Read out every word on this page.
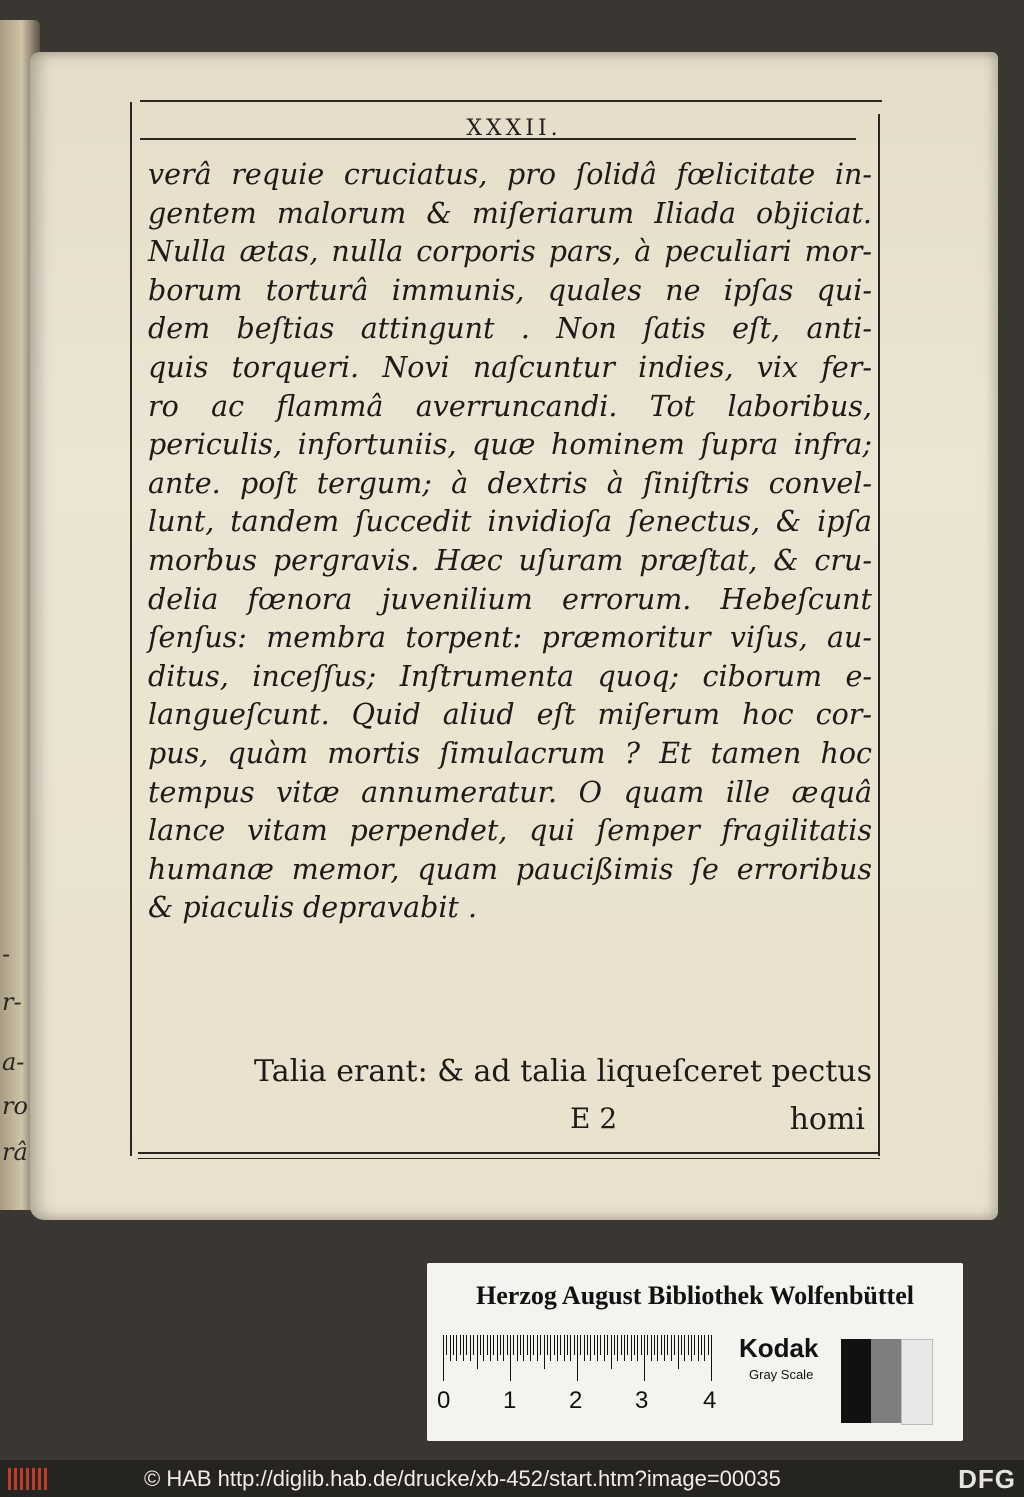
-
r-
a-
ro
râ
XXXII.
verâ requie cruciatus, pro ſolidâ fœlicitate in-
gentem malorum & miſeriarum Iliada objiciat.
Nulla ætas, nulla corporis pars, à peculiari mor-
borum torturâ immunis, quales ne ipſas qui-
dem beſtias attingunt . Non ſatis eſt, anti-
quis torqueri. Novi naſcuntur indies, vix fer-
ro ac flammâ averruncandi. Tot laboribus,
periculis, infortuniis, quæ hominem ſupra infra;
ante. poſt tergum; à dextris à ſiniſtris convel-
lunt, tandem ſuccedit invidioſa ſenectus, & ipſa
morbus pergravis. Hæc uſuram præſtat, & cru-
delia fœnora juvenilium errorum. Hebeſcunt
ſenſus: membra torpent: præmoritur viſus, au-
ditus, inceſſus; Inſtrumenta quoq; ciborum e-
langueſcunt. Quid aliud eſt miſerum hoc cor-
pus, quàm mortis ſimulacrum ? Et tamen hoc
tempus vitæ annumeratur. O quam ille æquâ
lance vitam perpendet, qui ſemper fragilitatis
humanæ memor, quam paucißimis ſe erroribus
& piaculis depravabit .
Talia erant: & ad talia liqueſceret pectus
E 2	homi
Herzog August Bibliothek Wolfenbüttel
0 1 2 3 4
Kodak
Gray Scale
© HAB http://diglib.hab.de/drucke/xb-452/start.htm?image=00035	DFG
